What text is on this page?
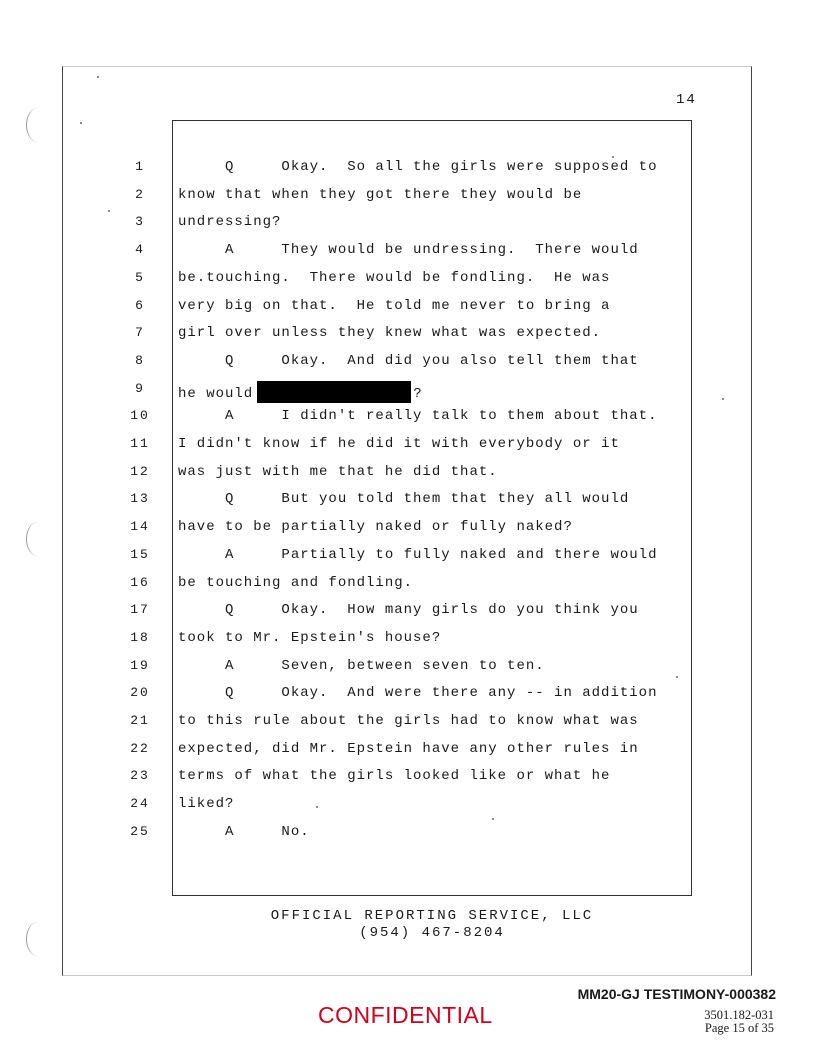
14
1	Q     Okay.  So all the girls were supposed to
2	know that when they got there they would be
3	undressing?
4	A     They would be undressing.  There would
5	be.touching.  There would be fondling.  He was
6	very big on that.  He told me never to bring a
7	girl over unless they knew what was expected.
8	Q     Okay.  And did you also tell them that
9	he would	?
10	A     I didn't really talk to them about that.
11	I didn't know if he did it with everybody or it
12	was just with me that he did that.
13	Q     But you told them that they all would
14	have to be partially naked or fully naked?
15	A     Partially to fully naked and there would
16	be touching and fondling.
17	Q     Okay.  How many girls do you think you
18	took to Mr. Epstein's house?
19	A     Seven, between seven to ten.
20	Q     Okay.  And were there any -- in addition
21	to this rule about the girls had to know what was
22	expected, did Mr. Epstein have any other rules in
23	terms of what the girls looked like or what he
24	liked?
25	A     No.
OFFICIAL REPORTING SERVICE, LLC
(954) 467-8204
MM20-GJ TESTIMONY-000382
CONFIDENTIAL	3501.182-031
Page 15 of 35
